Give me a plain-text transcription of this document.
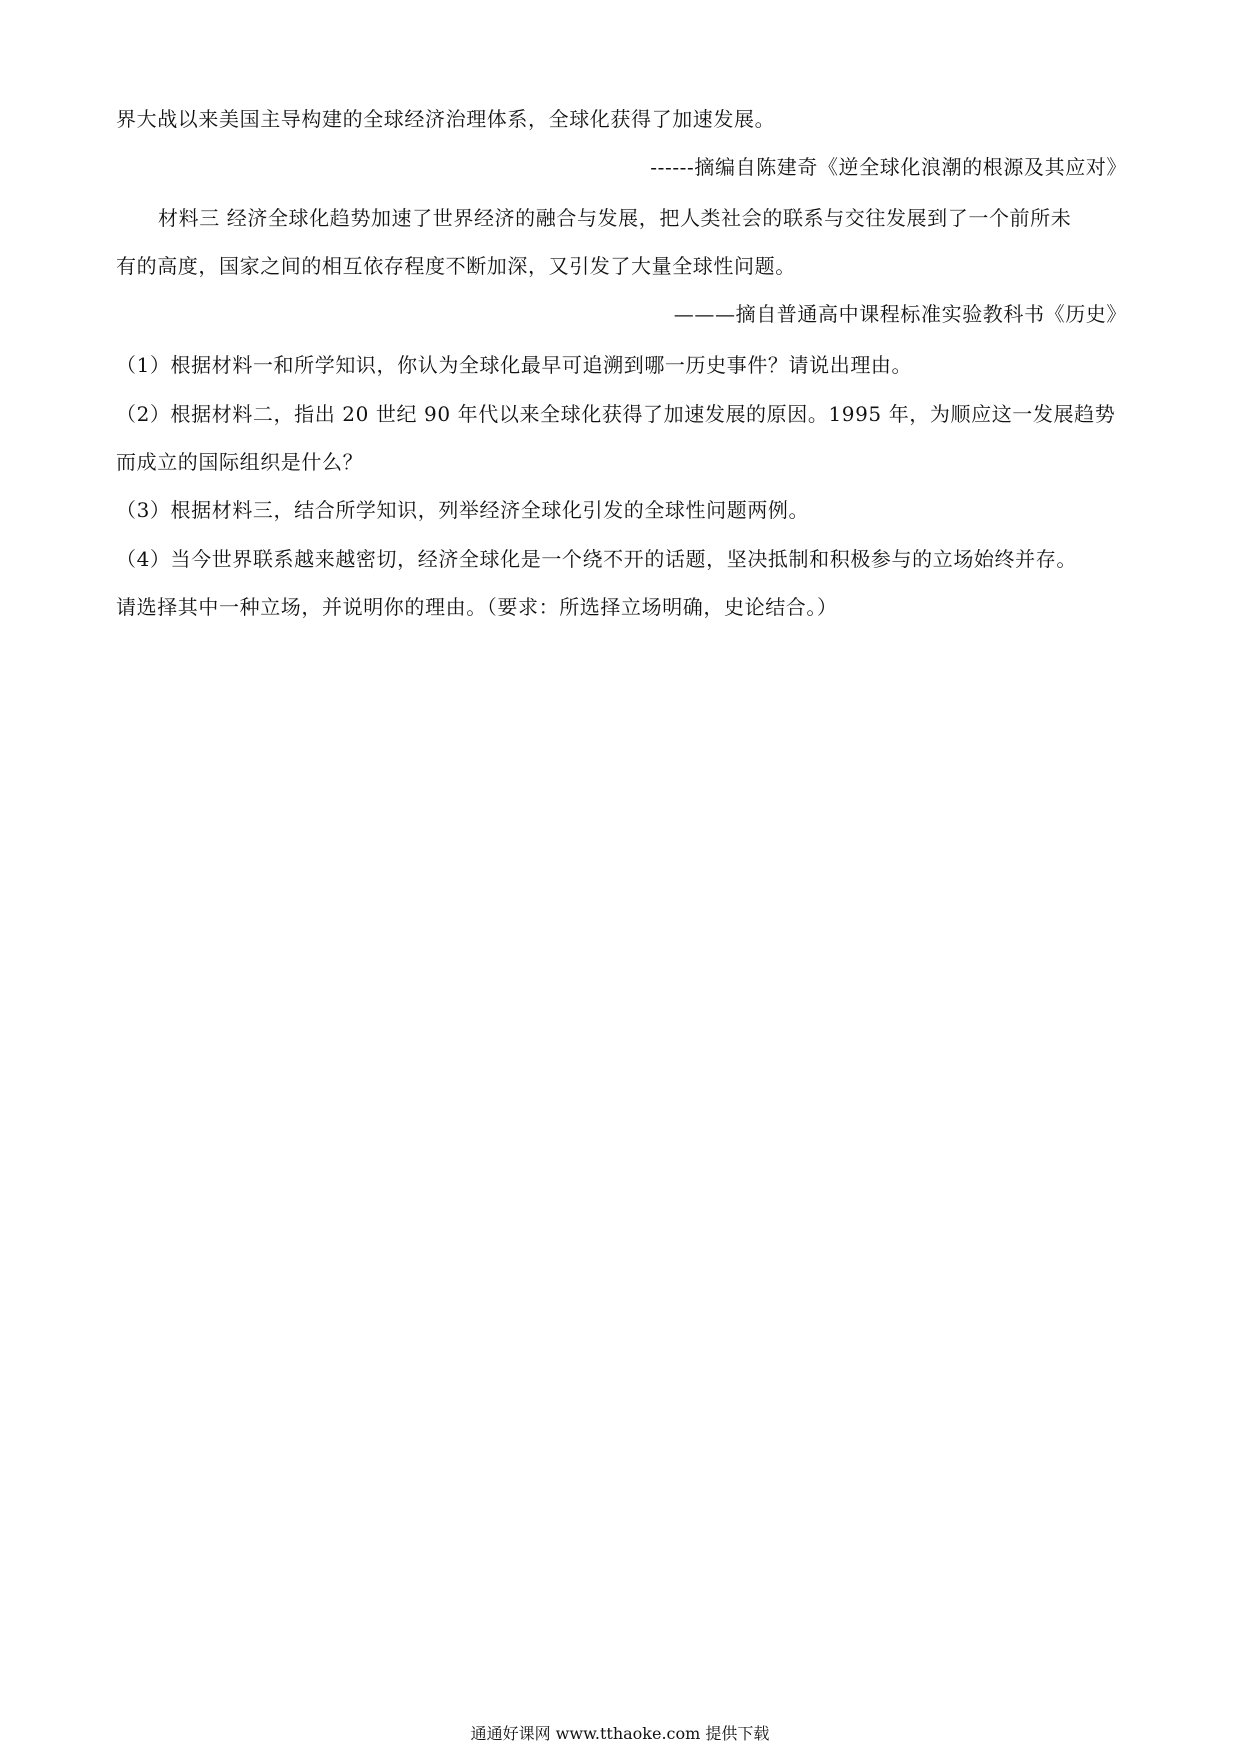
界大战以来美国主导构建的全球经济治理体系，全球化获得了加速发展。
------摘编自陈建奇《逆全球化浪潮的根源及其应对》
材料三 经济全球化趋势加速了世界经济的融合与发展，把人类社会的联系与交往发展到了一个前所未
有的高度，国家之间的相互依存程度不断加深，又引发了大量全球性问题。
———摘自普通高中课程标准实验教科书《历史》
（1）根据材料一和所学知识，你认为全球化最早可追溯到哪一历史事件？请说出理由。
（2）根据材料二，指出 20 世纪 90 年代以来全球化获得了加速发展的原因。1995 年，为顺应这一发展趋势
而成立的国际组织是什么？
（3）根据材料三，结合所学知识，列举经济全球化引发的全球性问题两例。
（4）当今世界联系越来越密切，经济全球化是一个绕不开的话题，坚决抵制和积极参与的立场始终并存。
请选择其中一种立场，并说明你的理由。（要求：所选择立场明确，史论结合。）
通通好课网 www.tthaoke.com 提供下载
